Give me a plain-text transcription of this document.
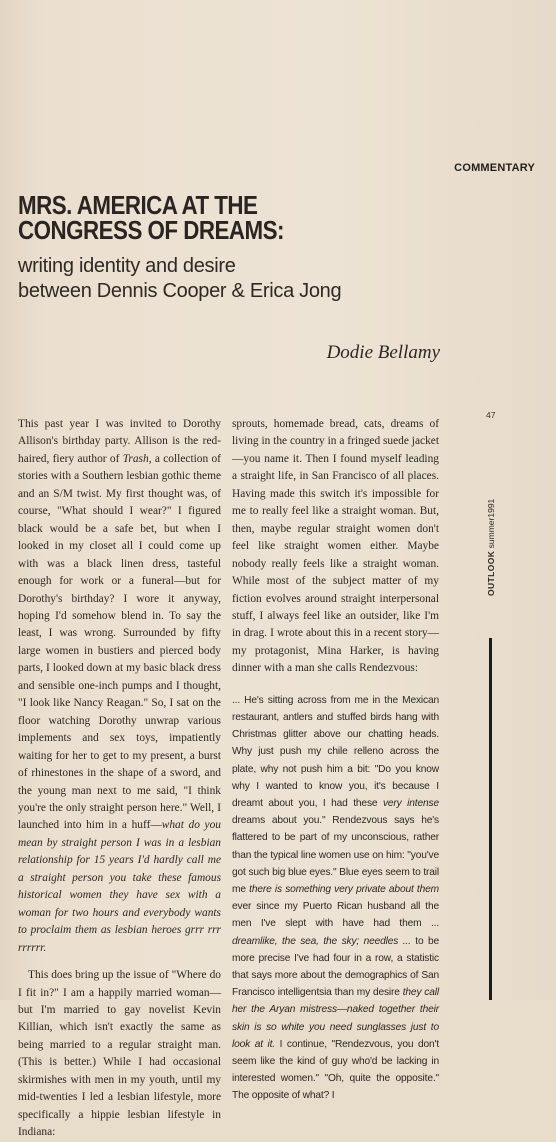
COMMENTARY
MRS. AMERICA AT THE
CONGRESS OF DREAMS:
writing identity and desire
between Dennis Cooper & Erica Jong
Dodie Bellamy

This past year I was invited to Dorothy Allison's birthday party. Allison is the red-haired, fiery author of Trash, a collection of stories with a Southern lesbian gothic theme and an S/M twist. My first thought was, of course, "What should I wear?" I figured black would be a safe bet, but when I looked in my closet all I could come up with was a black linen dress, tasteful enough for work or a funeral—but for Dorothy's birthday? I wore it anyway, hoping I'd somehow blend in. To say the least, I was wrong. Surrounded by fifty large women in bustiers and pierced body parts, I looked down at my basic black dress and sensible one-inch pumps and I thought, "I look like Nancy Reagan." So, I sat on the floor watching Dorothy unwrap various implements and sex toys, impatiently waiting for her to get to my present, a burst of rhinestones in the shape of a sword, and the young man next to me said, "I think you're the only straight person here." Well, I launched into him in a huff—what do you mean by straight person I was in a lesbian relationship for 15 years I'd hardly call me a straight person you take these famous historical women they have sex with a woman for two hours and everybody wants to proclaim them as lesbian heroes grrr rrr rrrrrr.

This does bring up the issue of "Where do I fit in?" I am a happily married woman—but I'm married to gay novelist Kevin Killian, which isn't exactly the same as being married to a regular straight man. (This is better.) While I had occasional skirmishes with men in my youth, until my mid-twenties I led a lesbian lifestyle, more specifically a hippie lesbian lifestyle in Indiana:

sprouts, homemade bread, cats, dreams of living in the country in a fringed suede jacket—you name it. Then I found myself leading a straight life, in San Francisco of all places. Having made this switch it's impossible for me to really feel like a straight woman. But, then, maybe regular straight women don't feel like straight women either. Maybe nobody really feels like a straight woman. While most of the subject matter of my fiction evolves around straight interpersonal stuff, I always feel like an outsider, like I'm in drag. I wrote about this in a recent story—my protagonist, Mina Harker, is having dinner with a man she calls Rendezvous:

... He's sitting across from me in the Mexican restaurant, antlers and stuffed birds hang with Christmas glitter above our chatting heads. Why just push my chile relleno across the plate, why not push him a bit: "Do you know why I wanted to know you, it's because I dreamt about you, I had these very intense dreams about you." Rendezvous says he's flattered to be part of my unconscious, rather than the typical line women use on him: "you've got such big blue eyes." Blue eyes seem to trail me there is something very private about them ever since my Puerto Rican husband all the men I've slept with have had them ... dreamlike, the sea, the sky; needles ... to be more precise I've had four in a row, a statistic that says more about the demographics of San Francisco intelligentsia than my desire they call her the Aryan mistress—naked together their skin is so white you need sunglasses just to look at it. I continue, "Rendezvous, you don't seem like the kind of guy who'd be lacking in interested women." "Oh, quite the opposite." The opposite of what? I

47
OUTLOOK summer1991
